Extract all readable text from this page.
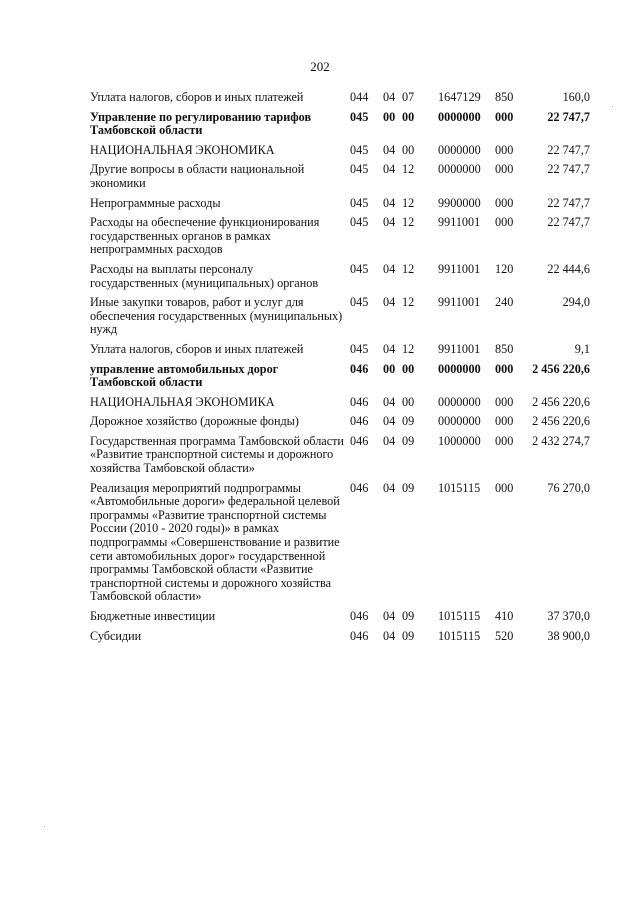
202
Уплата налогов, сборов и иных платежей	044	04	07	1647129	850	160,0
Управление по регулированию тарифов Тамбовской области	045	00	00	0000000	000	22 747,7
НАЦИОНАЛЬНАЯ ЭКОНОМИКА	045	04	00	0000000	000	22 747,7
Другие вопросы в области национальной экономики	045	04	12	0000000	000	22 747,7
Непрограммные расходы	045	04	12	9900000	000	22 747,7
Расходы на обеспечение функционирования государственных органов в рамках непрограммных расходов	045	04	12	9911001	000	22 747,7
Расходы на выплаты персоналу государственных (муниципальных) органов	045	04	12	9911001	120	22 444,6
Иные закупки товаров, работ и услуг для обеспечения государственных (муниципальных) нужд	045	04	12	9911001	240	294,0
Уплата налогов, сборов и иных платежей	045	04	12	9911001	850	9,1
управление автомобильных дорог Тамбовской области	046	00	00	0000000	000	2 456 220,6
НАЦИОНАЛЬНАЯ ЭКОНОМИКА	046	04	00	0000000	000	2 456 220,6
Дорожное хозяйство (дорожные фонды)	046	04	09	0000000	000	2 456 220,6
Государственная программа Тамбовской области «Развитие транспортной системы и дорожного хозяйства Тамбовской области»	046	04	09	1000000	000	2 432 274,7
Реализация мероприятий подпрограммы «Автомобильные дороги» федеральной целевой программы «Развитие транспортной системы России (2010 - 2020 годы)» в рамках подпрограммы «Совершенствование и развитие сети автомобильных дорог» государственной программы Тамбовской области «Развитие транспортной системы и дорожного хозяйства Тамбовской области»	046	04	09	1015115	000	76 270,0
Бюджетные инвестиции	046	04	09	1015115	410	37 370,0
Субсидии	046	04	09	1015115	520	38 900,0
